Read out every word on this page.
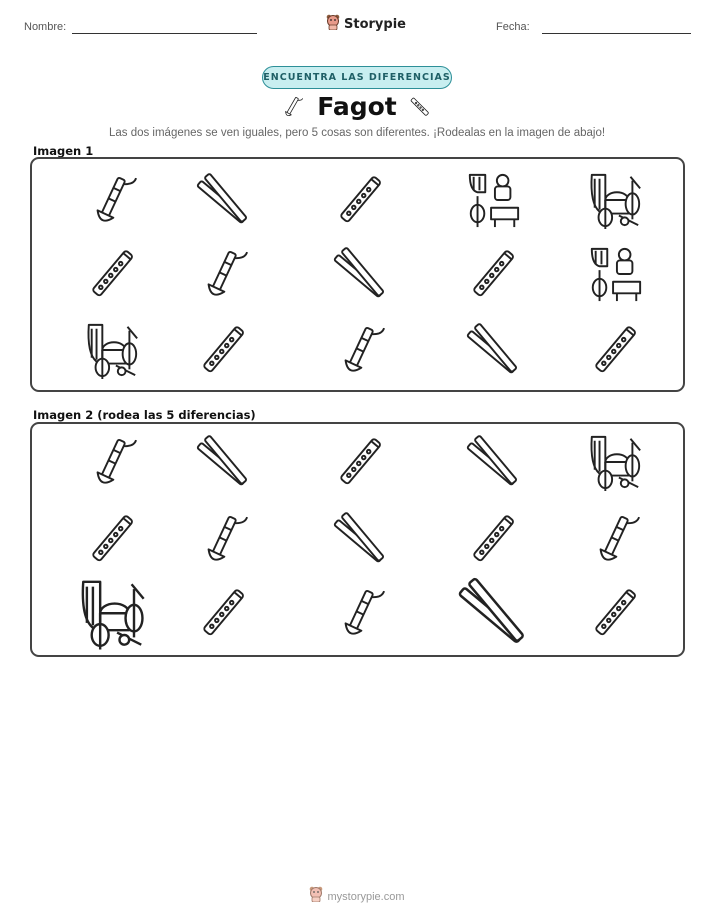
Nombre:	Storypie	Fecha:
ENCUENTRA LAS DIFERENCIAS
Fagot
Las dos imágenes se ven iguales, pero 5 cosas son diferentes. ¡Rodealas en la imagen de abajo!
Imagen 1
Imagen 2 (rodea las 5 diferencias)
mystorypie.com
